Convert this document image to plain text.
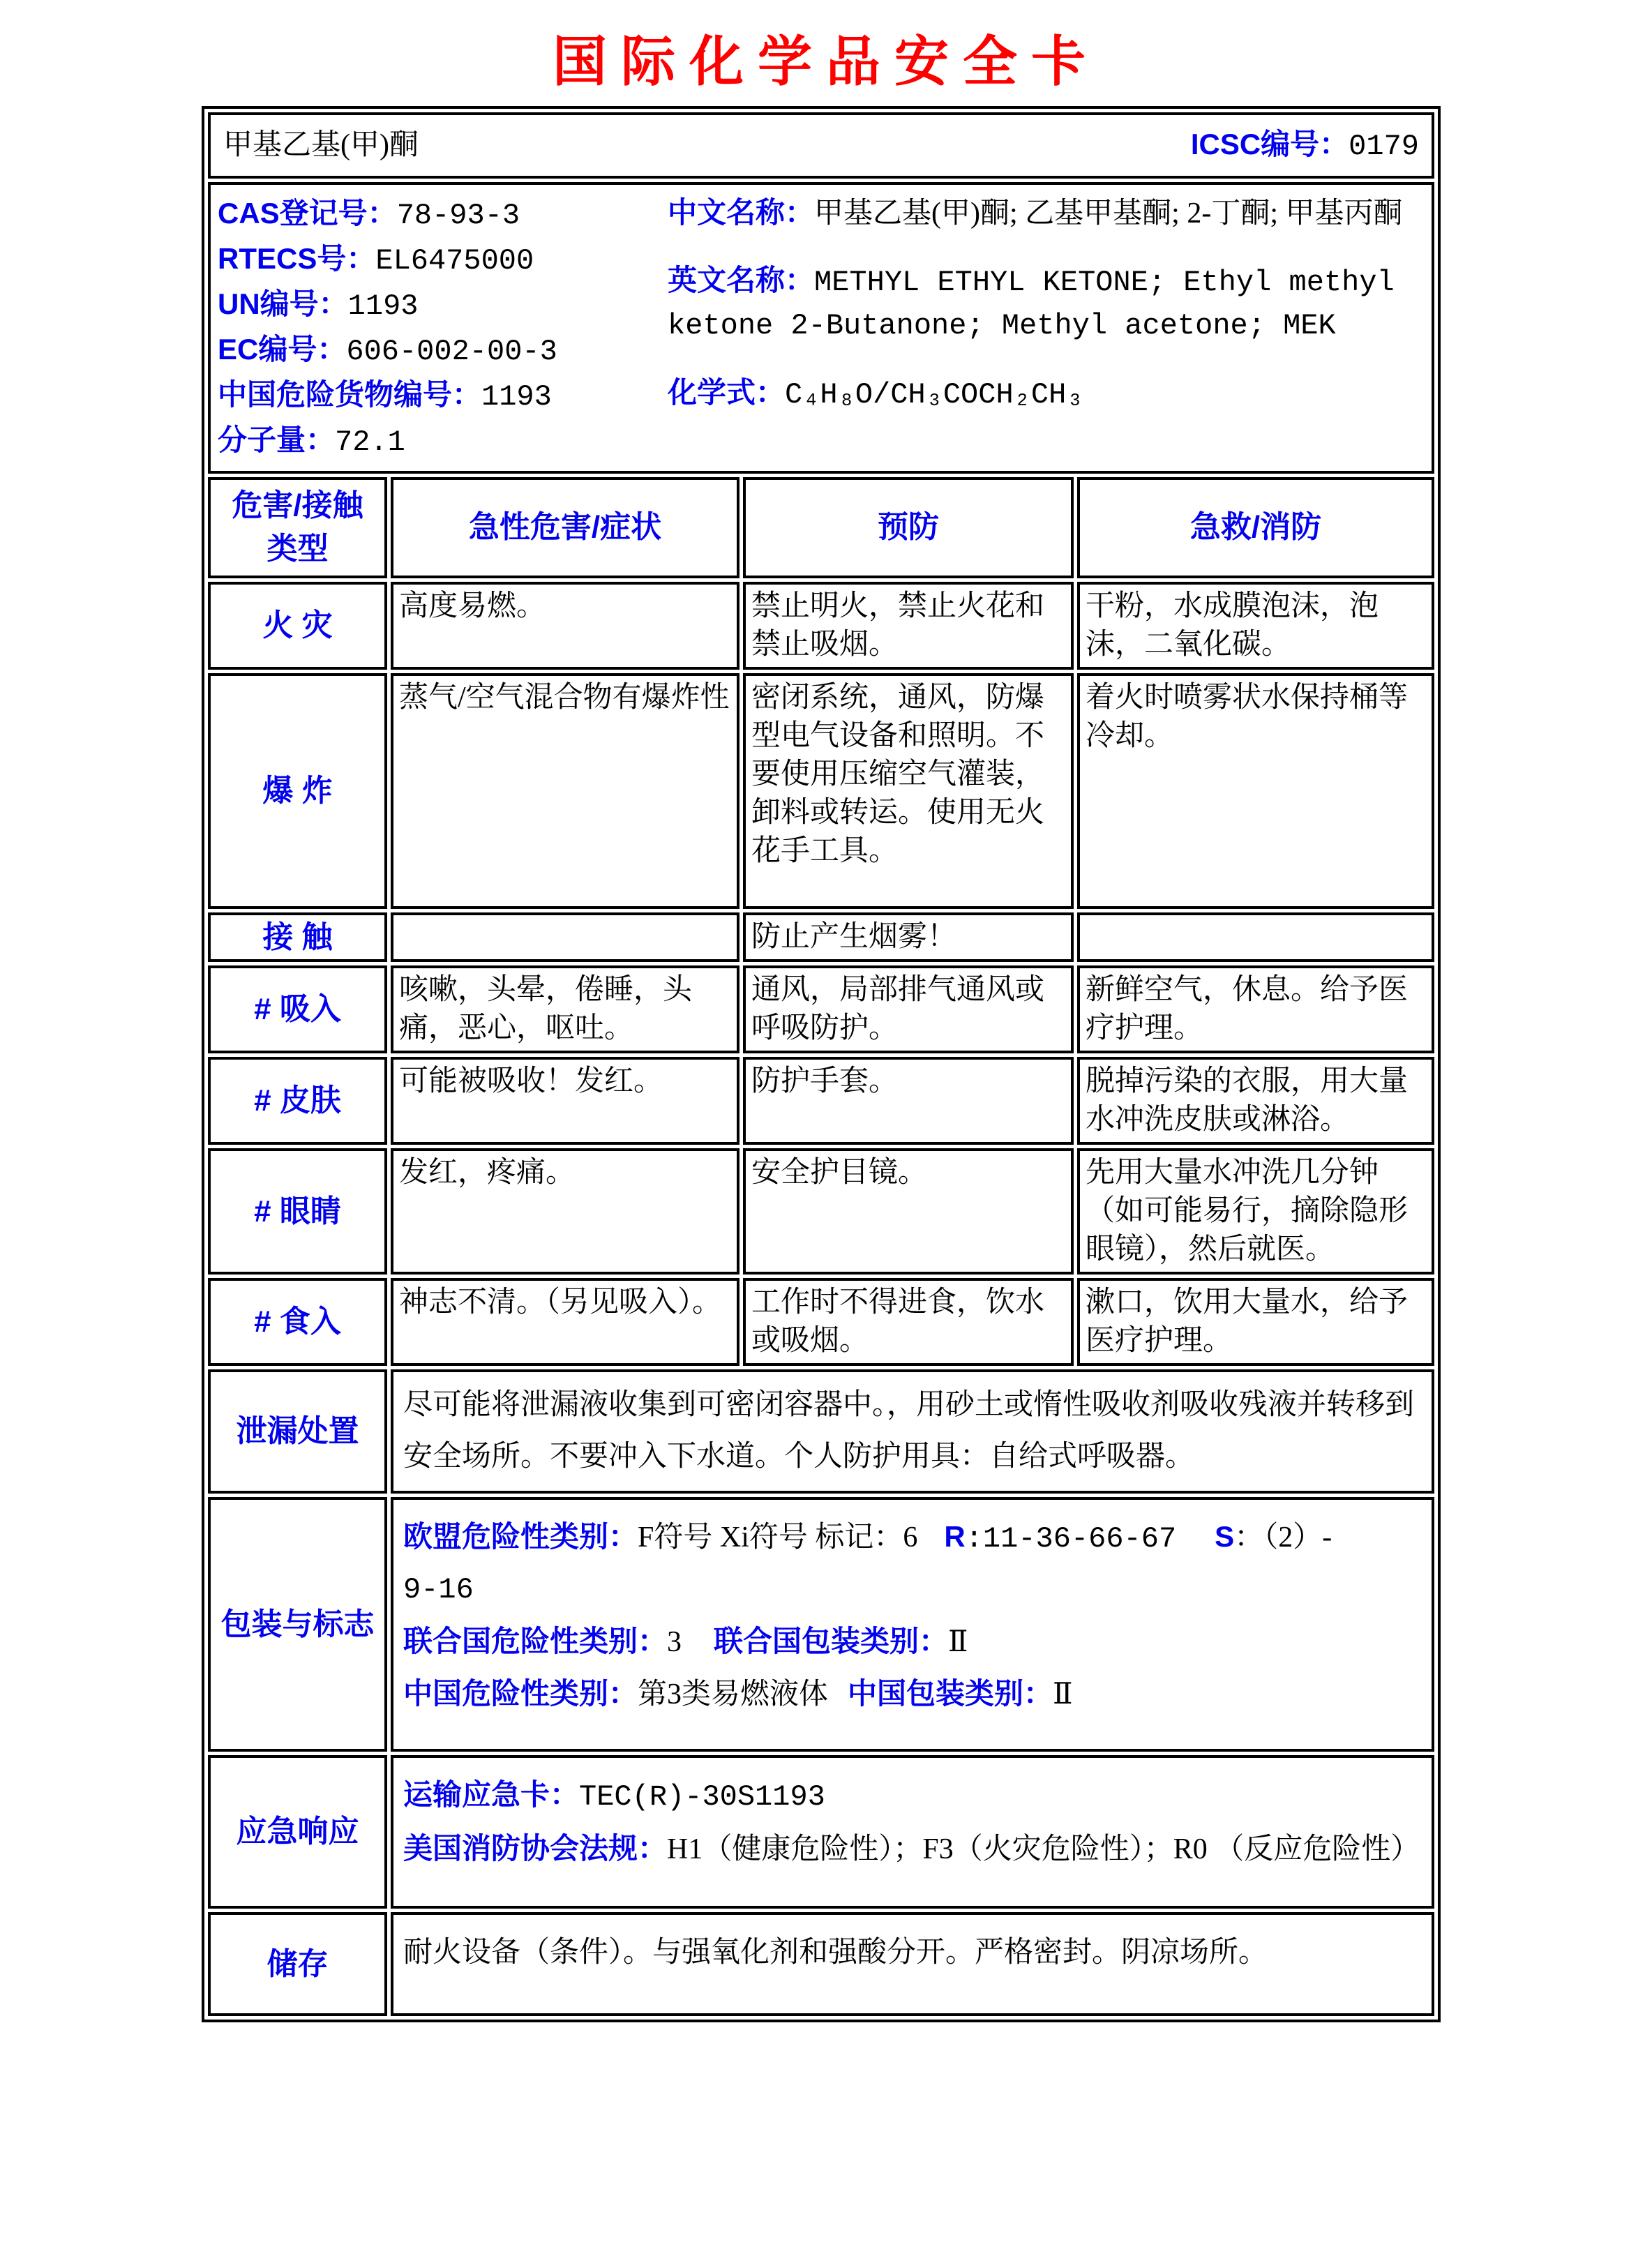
国际化学品安全卡
甲基乙基(甲)酮 ICSC编号：0179			

CAS登记号：78-93-3
RTECS号：EL6475000
UN编号：1193
EC编号：606-002-00-3
中国危险货物编号：1193
分子量：72.1

中文名称：甲基乙基(甲)酮; 乙基甲基酮; 2-丁酮; 甲基丙酮

英文名称：METHYL ETHYL KETONE; Ethyl methyl ketone 2-Butanone; Methyl acetone; MEK

化学式：C₄H₈O/CH₃COCH₂CH₃

危害/接触 类型	急性危害/症状	预防	急救/消防
火 灾	高度易燃。	禁止明火，禁止火花和禁止吸烟。	干粉，水成膜泡沫，泡沫，二氧化碳。
爆 炸	蒸气/空气混合物有爆炸性	密闭系统，通风，防爆型电气设备和照明。不要使用压缩空气灌装，卸料或转运。使用无火花手工具。	着火时喷雾状水保持桶等冷却。
接 触		防止产生烟雾！	
# 吸入	咳嗽，头晕，倦睡，头痛，恶心，呕吐。	通风，局部排气通风或呼吸防护。	新鲜空气，休息。给予医疗护理。
# 皮肤	可能被吸收！发红。	防护手套。	脱掉污染的衣服，用大量水冲洗皮肤或淋浴。
# 眼睛	发红，疼痛。	安全护目镜。	先用大量水冲洗几分钟（如可能易行，摘除隐形眼镜），然后就医。
# 食入	神志不清。（另见吸入）。	工作时不得进食，饮水或吸烟。	漱口，饮用大量水，给予医疗护理。
泄漏处置	尽可能将泄漏液收集到可密闭容器中。，用砂土或惰性吸收剂吸收残液并转移到安全场所。不要冲入下水道。个人防护用具：自给式呼吸器。		
包装与标志	欧盟危险性类别：F符号 Xi符号 标记：6 R:11-36-66-67 S：（2）-
9-16
联合国危险性类别：3 联合国包装类别：Ⅱ
中国危险性类别：第3类易燃液体 中国包装类别：Ⅱ		

应急响应	运输应急卡：TEC(R)-30S1193
美国消防协会法规：H1（健康危险性）；F3（火灾危险性）；R0 （反应危险性）		

储存	耐火设备（条件）。与强氧化剂和强酸分开。严格密封。阴凉场所。		
